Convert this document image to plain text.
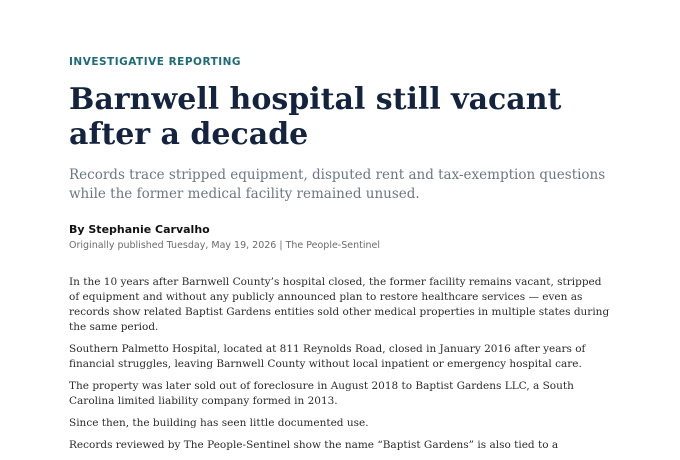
INVESTIGATIVE REPORTING
Barnwell hospital still vacant after a decade

Records trace stripped equipment, disputed rent and tax-exemption questions while the former medical facility remained unused.

By Stephanie Carvalho
Originally published Tuesday, May 19, 2026 | The People-Sentinel

In the 10 years after Barnwell County’s hospital closed, the former facility remains vacant, stripped of equipment and without any publicly announced plan to restore healthcare services — even as records show related Baptist Gardens entities sold other medical properties in multiple states during the same period.

Southern Palmetto Hospital, located at 811 Reynolds Road, closed in January 2016 after years of financial struggles, leaving Barnwell County without local inpatient or emergency hospital care.

The property was later sold out of foreclosure in August 2018 to Baptist Gardens LLC, a South Carolina limited liability company formed in 2013.

Since then, the building has seen little documented use.

Records reviewed by The People-Sentinel show the name “Baptist Gardens” is also tied to a
